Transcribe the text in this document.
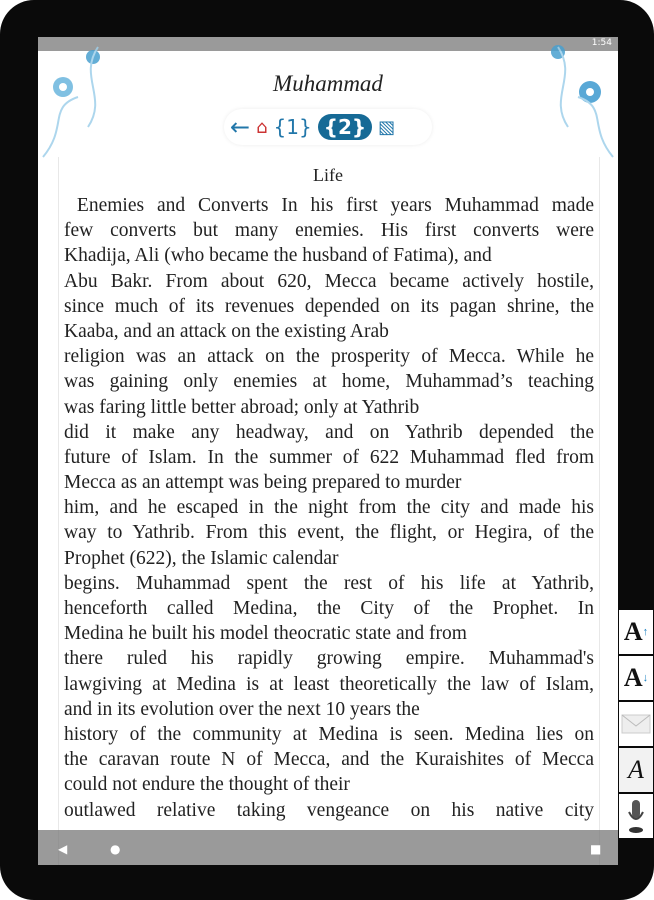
1:54
Muhammad
← ⌂ {1} {2} ▧
Life
Enemies and Converts In his first years Muhammad made
few converts but many enemies. His first converts were
Khadija, Ali (who became the husband of Fatima), and
Abu Bakr. From about 620, Mecca became actively hostile,
since much of its revenues depended on its pagan shrine, the
Kaaba, and an attack on the existing Arab
religion was an attack on the prosperity of Mecca. While he
was gaining only enemies at home, Muhammad’s teaching
was faring little better abroad; only at Yathrib
did it make any headway, and on Yathrib depended the
future of Islam. In the summer of 622 Muhammad fled from
Mecca as an attempt was being prepared to murder
him, and he escaped in the night from the city and made his
way to Yathrib. From this event, the flight, or Hegira, of the
Prophet (622), the Islamic calendar
begins. Muhammad spent the rest of his life at Yathrib,
henceforth called Medina, the City of the Prophet. In
Medina he built his model theocratic state and from
there ruled his rapidly growing empire. Muhammad's
lawgiving at Medina is at least theoretically the law of Islam,
and in its evolution over the next 10 years the
history of the community at Medina is seen. Medina lies on
the caravan route N of Mecca, and the Kuraishites of Mecca
could not endure the thought of their
outlawed relative taking vengeance on his native city
◀	●	■
A ↑
A ↓
A
